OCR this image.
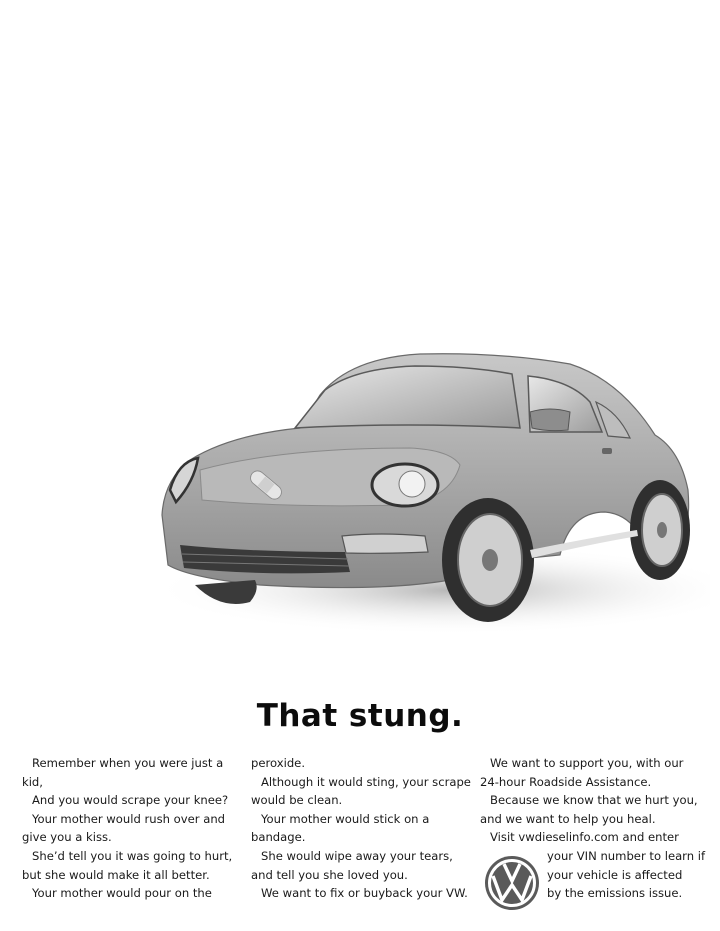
That stung.

Remember when you were just a

kid,

And you would scrape your knee?

Your mother would rush over and

give you a kiss.

She’d tell you it was going to hurt,

but she would make it all better.

Your mother would pour on the

peroxide.

Although it would sting, your scrape

would be clean.

Your mother would stick on a

bandage.

She would wipe away your tears,

and tell you she loved you.

We want to fix or buyback your VW.

We want to support you, with our

24-hour Roadside Assistance.

Because we know that we hurt you,

and we want to help you heal.

Visit vwdieselinfo.com and enter

your VIN number to learn if

your vehicle is affected

by the emissions issue.
